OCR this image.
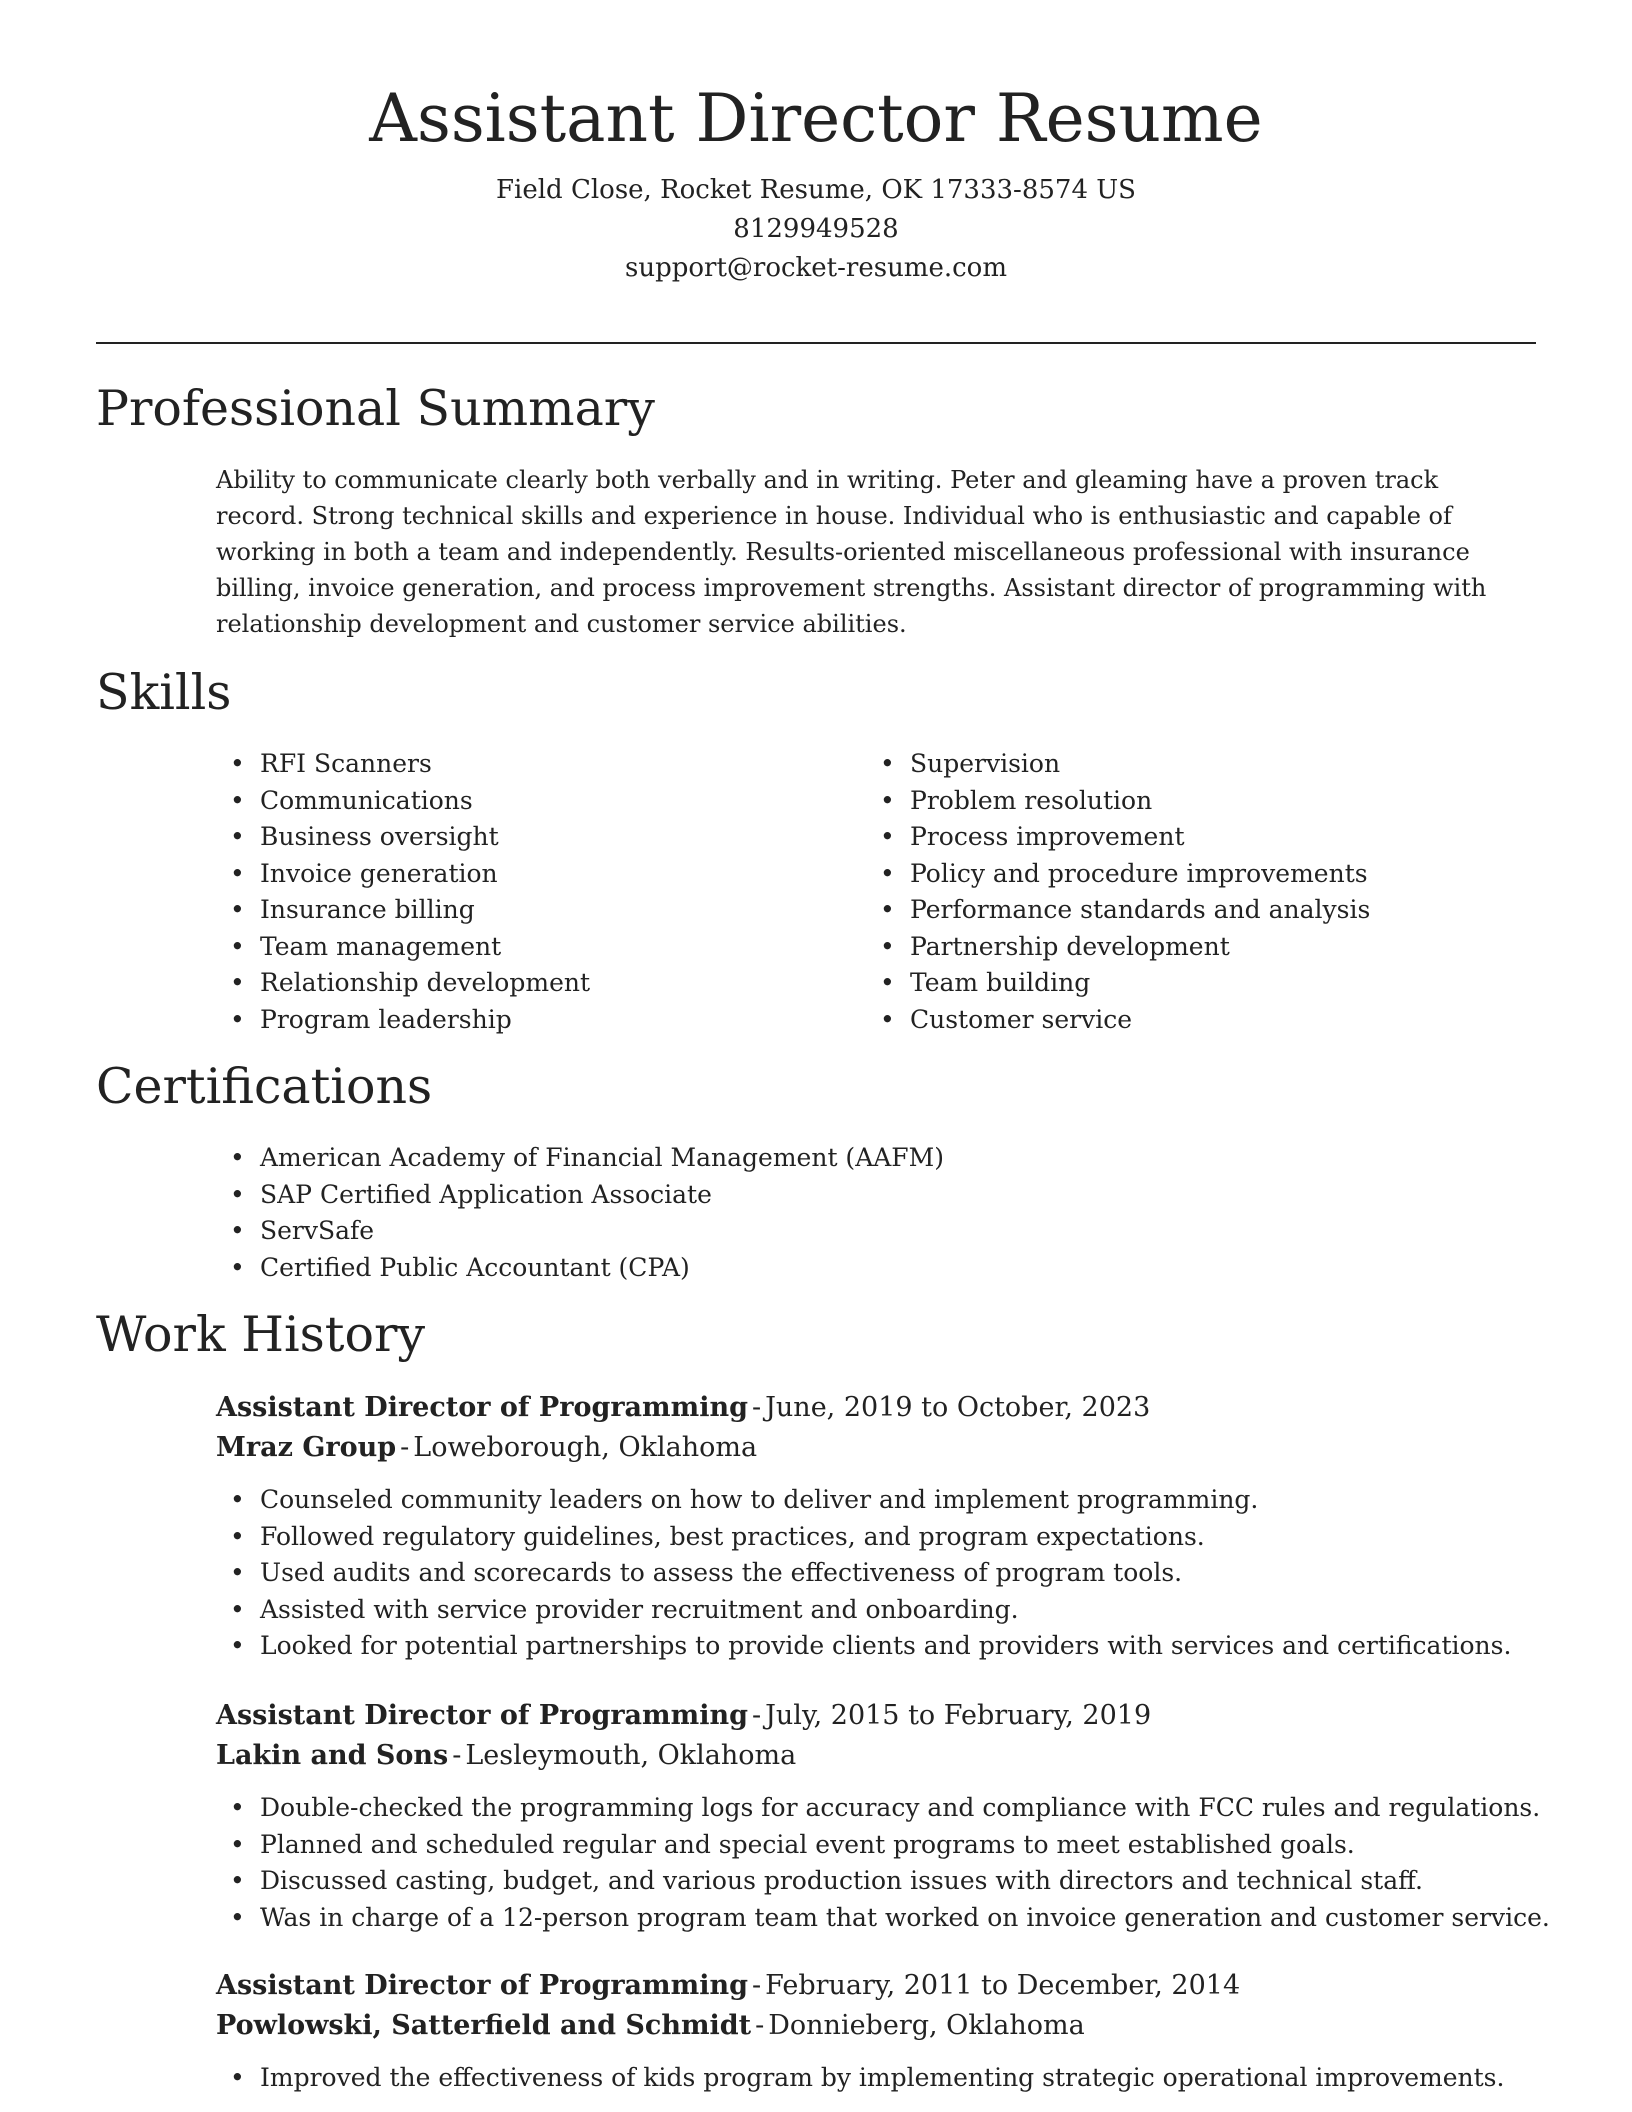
Assistant Director Resume
Field Close, Rocket Resume, OK 17333-8574 US
8129949528
support@rocket-resume.com
Professional Summary

Ability to communicate clearly both verbally and in writing. Peter and gleaming have a proven track record. Strong technical skills and experience in house. Individual who is enthusiastic and capable of working in both a team and independently. Results-oriented miscellaneous professional with insurance billing, invoice generation, and process improvement strengths. Assistant director of programming with relationship development and customer service abilities.

Skills
• RFI Scanners
• Communications
• Business oversight
• Invoice generation
• Insurance billing
• Team management
• Relationship development
• Program leadership
• Supervision
• Problem resolution
• Process improvement
• Policy and procedure improvements
• Performance standards and analysis
• Partnership development
• Team building
• Customer service
Certifications
• American Academy of Financial Management (AAFM)
• SAP Certified Application Associate
• ServSafe
• Certified Public Accountant (CPA)
Work History
Assistant Director of Programming - June, 2019 to October, 2023
Mraz Group - Loweborough, Oklahoma
• Counseled community leaders on how to deliver and implement programming.
• Followed regulatory guidelines, best practices, and program expectations.
• Used audits and scorecards to assess the effectiveness of program tools.
• Assisted with service provider recruitment and onboarding.
• Looked for potential partnerships to provide clients and providers with services and certifications.
Assistant Director of Programming - July, 2015 to February, 2019
Lakin and Sons - Lesleymouth, Oklahoma
• Double-checked the programming logs for accuracy and compliance with FCC rules and regulations.
• Planned and scheduled regular and special event programs to meet established goals.
• Discussed casting, budget, and various production issues with directors and technical staff.
• Was in charge of a 12-person program team that worked on invoice generation and customer service.
Assistant Director of Programming - February, 2011 to December, 2014
Powlowski, Satterfield and Schmidt - Donnieberg, Oklahoma
• Improved the effectiveness of kids program by implementing strategic operational improvements.
